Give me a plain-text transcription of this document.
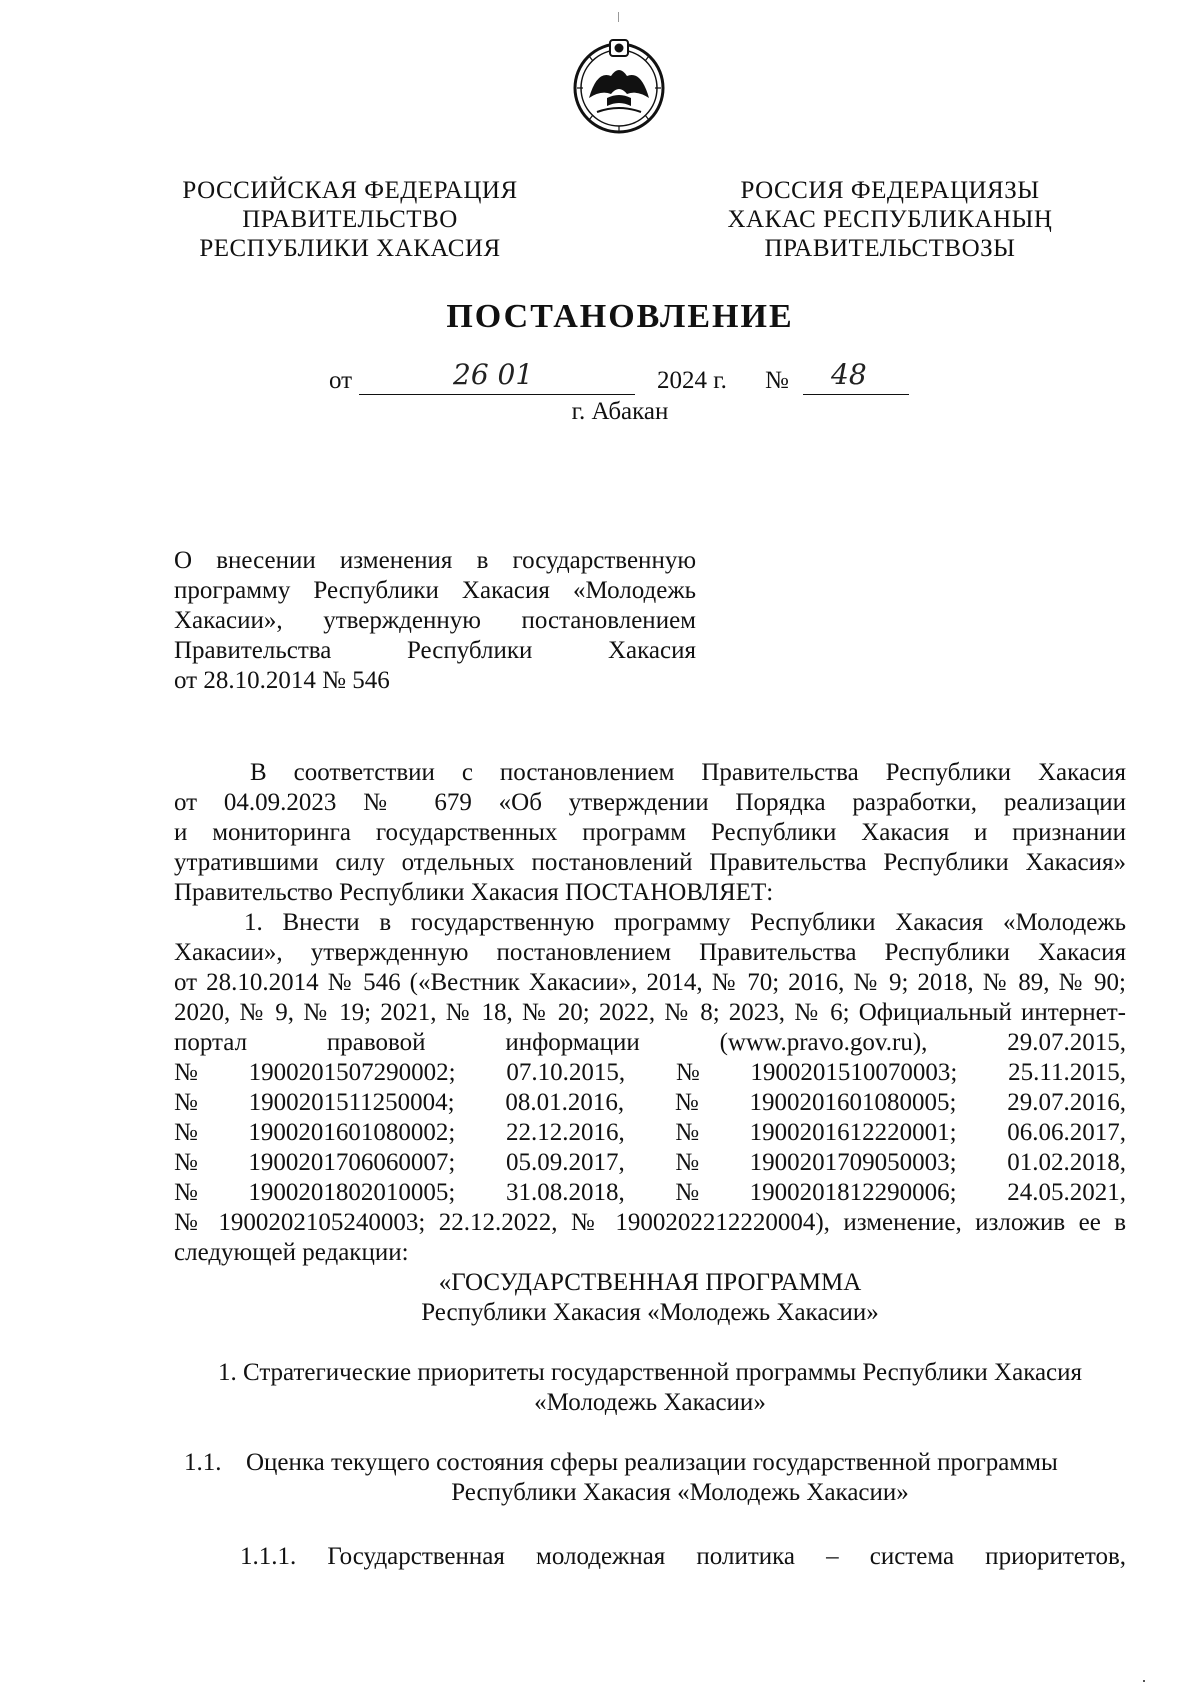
РОССИЙСКАЯ ФЕДЕРАЦИЯ
ПРАВИТЕЛЬСТВО
РЕСПУБЛИКИ ХАКАСИЯ
РОССИЯ ФЕДЕРАЦИЯЗЫ
ХАКАС РЕСПУБЛИКАНЫҢ
ПРАВИТЕЛЬСТВОЗЫ
ПОСТАНОВЛЕНИЕ
от	26 01	2024 г. № 48
г. Абакан
О внесении изменения в государственную
программу Республики Хакасия «Молодежь
Хакасии», утвержденную постановлением
Правительства Республики Хакасия
от 28.10.2014 № 546
В соответствии с постановлением Правительства Республики Хакасия
от 04.09.2023 № 679 «Об утверждении Порядка разработки, реализации
и мониторинга государственных программ Республики Хакасия и признании
утратившими силу отдельных постановлений Правительства Республики Хакасия»
Правительство Республики Хакасия ПОСТАНОВЛЯЕТ:
1. Внести в государственную программу Республики Хакасия «Молодежь
Хакасии», утвержденную постановлением Правительства Республики Хакасия
от 28.10.2014 № 546 («Вестник Хакасии», 2014, № 70; 2016, № 9; 2018, № 89, № 90;
2020, № 9, № 19; 2021, № 18, № 20; 2022, № 8; 2023, № 6; Официальный интернет-
портал	правовой	информации	(www.pravo.gov.ru),	29.07.2015,
№ 1900201507290002; 07.10.2015, № 1900201510070003; 25.11.2015,
№ 1900201511250004; 08.01.2016, № 1900201601080005; 29.07.2016,
№ 1900201601080002; 22.12.2016, № 1900201612220001; 06.06.2017,
№ 1900201706060007; 05.09.2017, № 1900201709050003; 01.02.2018,
№ 1900201802010005; 31.08.2018, № 1900201812290006; 24.05.2021,
№ 1900202105240003; 22.12.2022, № 1900202212220004), изменение, изложив ее в
следующей редакции:
«ГОСУДАРСТВЕННАЯ ПРОГРАММА
Республики Хакасия «Молодежь Хакасии»
1. Стратегические приоритеты государственной программы Республики Хакасия
«Молодежь Хакасии»
1.1. Оценка текущего состояния сферы реализации государственной программы
Республики Хакасия «Молодежь Хакасии»
1.1.1. Государственная молодежная политика – система приоритетов,
